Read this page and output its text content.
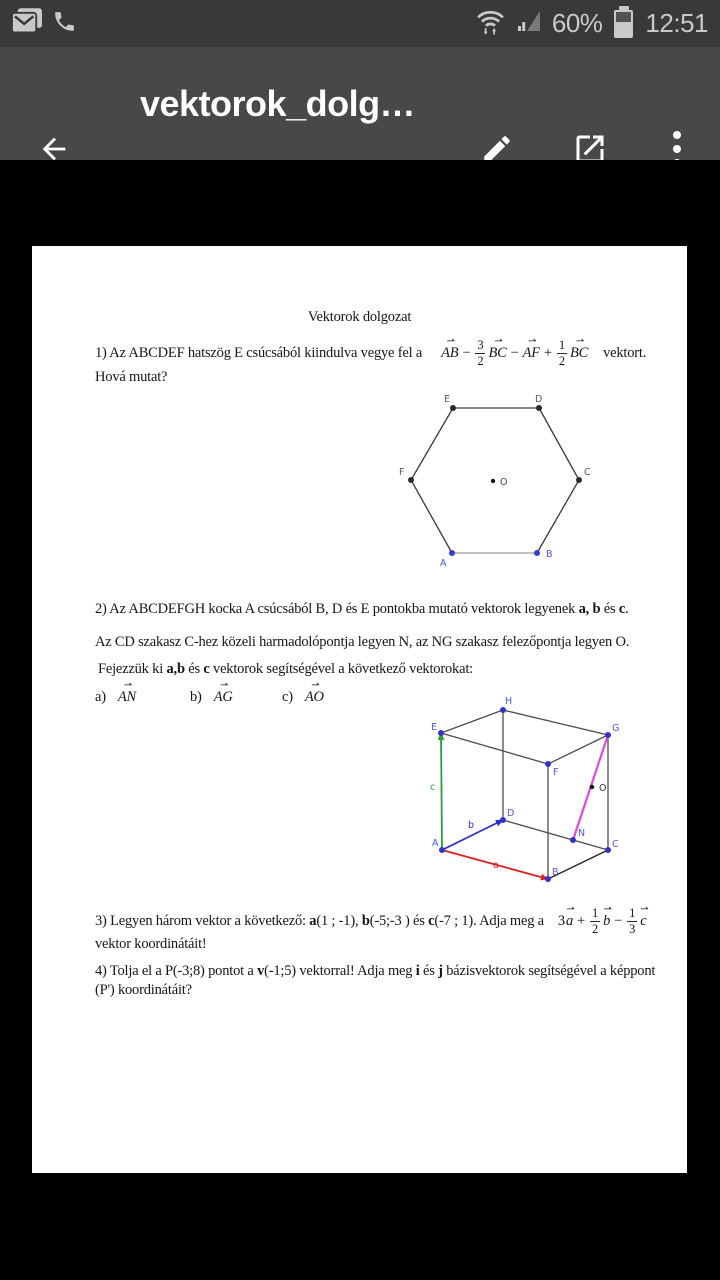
60% 12:51
vektorok_dolg…
Vektorok dolgozat
1) Az ABCDEF hatszög E csúcsából kiindulva vegye fel a
⇀
AB − $\frac{3}{2}$ ⇀
BC −
⇀
AF + $\frac{1}{2}$ ⇀
BC vektort.
Hová mutat?
E	D
F	C
A
B
O
2) Az ABCDEFGH kocka A csúcsából B, D és E pontokba mutató vektorok legyenek a, b és c.
Az CD szakasz C-hez közeli harmadolópontja legyen N, az NG szakasz felezőpontja legyen O.
Fejezzük ki a,b és c vektorok segítségével a következő vektorokat:
a)
⇀
AN	b)
⇀
AG	c)
⇀
AO
A
B
C
D
E
F
G
H
N
O
a
b
c
3) Legyen három vektor a következő: a(1 ; -1), b(-5;-3 ) és c(-7 ; 1). Adja meg a 3
⇀
$a + \frac{1}{2}$ ⇀
$b - \frac{1}{3}$ ⇀
c
vektor koordinátáit!
4) Tolja el a P(-3;8) pontot a v(-1;5) vektorral! Adja meg i és j bázisvektorok segítségével a képpont
(P') koordinátáit?
